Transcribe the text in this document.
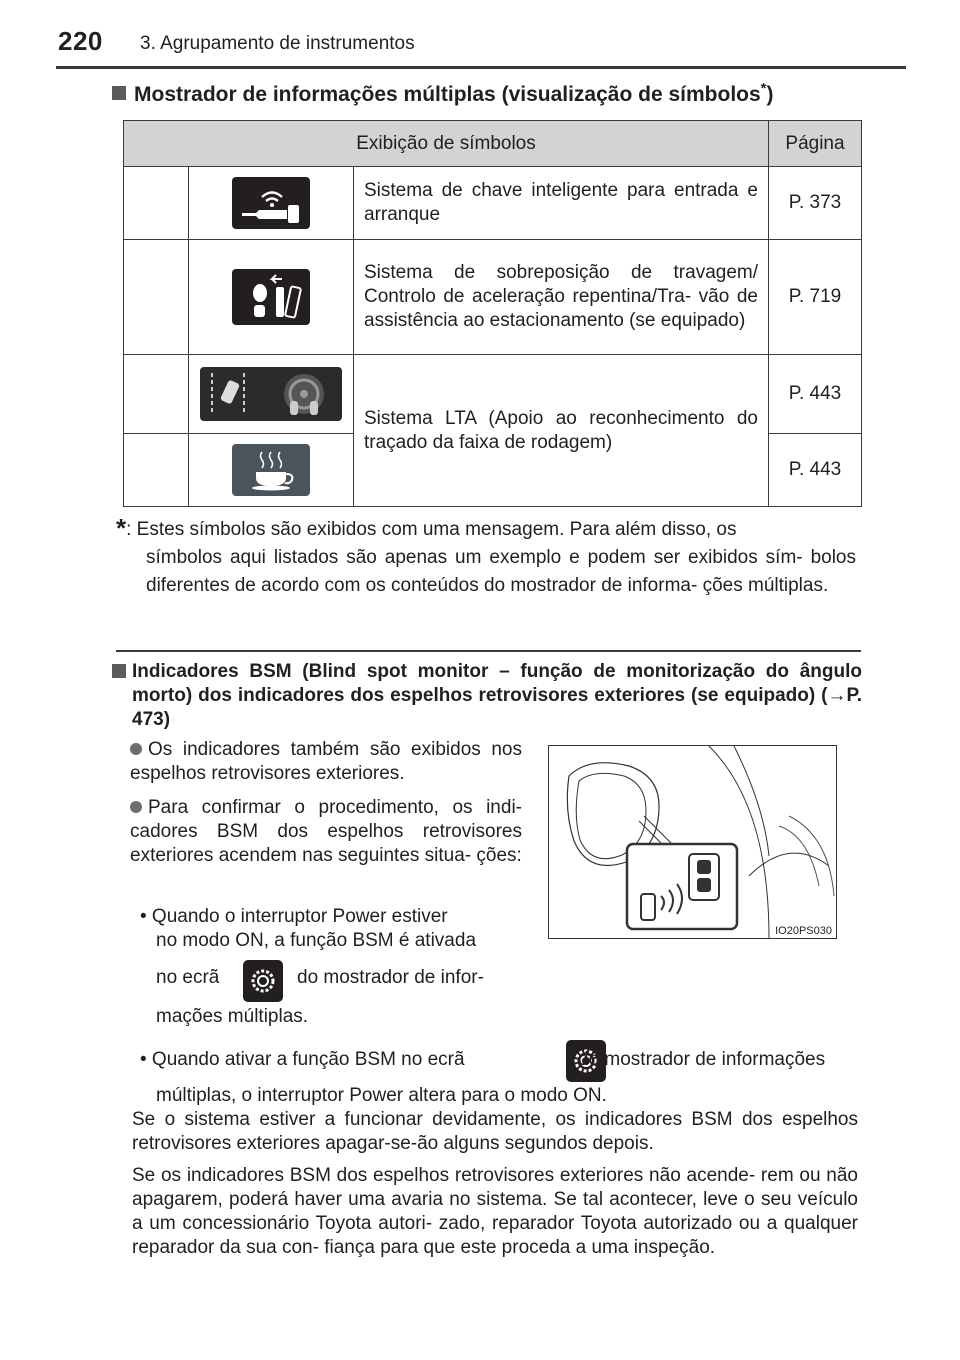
220 3. Agrupamento de instrumentos
Mostrador de informações múltiplas (visualização de símbolos*)
Exibição de símbolos			Página
		Sistema de chave inteligente para entrada e arranque	P. 373
		Sistema de sobreposição de travagem/ Controlo de aceleração repentina/Tra- vão de assistência ao estacionamento (se equipado)	P. 719
		Sistema LTA (Apoio ao reconhecimento do traçado da faixa de rodagem)	P. 443
		P. 443
*: Estes símbolos são exibidos com uma mensagem. Para além disso, os
símbolos aqui listados são apenas um exemplo e podem ser exibidos sím- bolos diferentes de acordo com os conteúdos do mostrador de informa- ções múltiplas.
Indicadores BSM (Blind spot monitor – função de monitorização do ângulo morto) dos indicadores dos espelhos retrovisores exteriores (se equipado) (→P. 473)
Os indicadores também são exibidos nos espelhos retrovisores exteriores.
Para confirmar o procedimento, os indi- cadores BSM dos espelhos retrovisores exteriores acendem nas seguintes situa- ções:
• Quando o interruptor Power estiver
no modo ON, a função BSM é ativada
no ecrã
	do mostrador de infor-
mações múltiplas.
• Quando ativar a função BSM no ecrã	do mostrador de informações
múltiplas, o interruptor Power altera para o modo ON.
IO20PS030
Se o sistema estiver a funcionar devidamente, os indicadores BSM dos espelhos retrovisores exteriores apagar-se-ão alguns segundos depois.
Se os indicadores BSM dos espelhos retrovisores exteriores não acende- rem ou não apagarem, poderá haver uma avaria no sistema. Se tal acontecer, leve o seu veículo a um concessionário Toyota autori- zado, reparador Toyota autorizado ou a qualquer reparador da sua con- fiança para que este proceda a uma inspeção.
